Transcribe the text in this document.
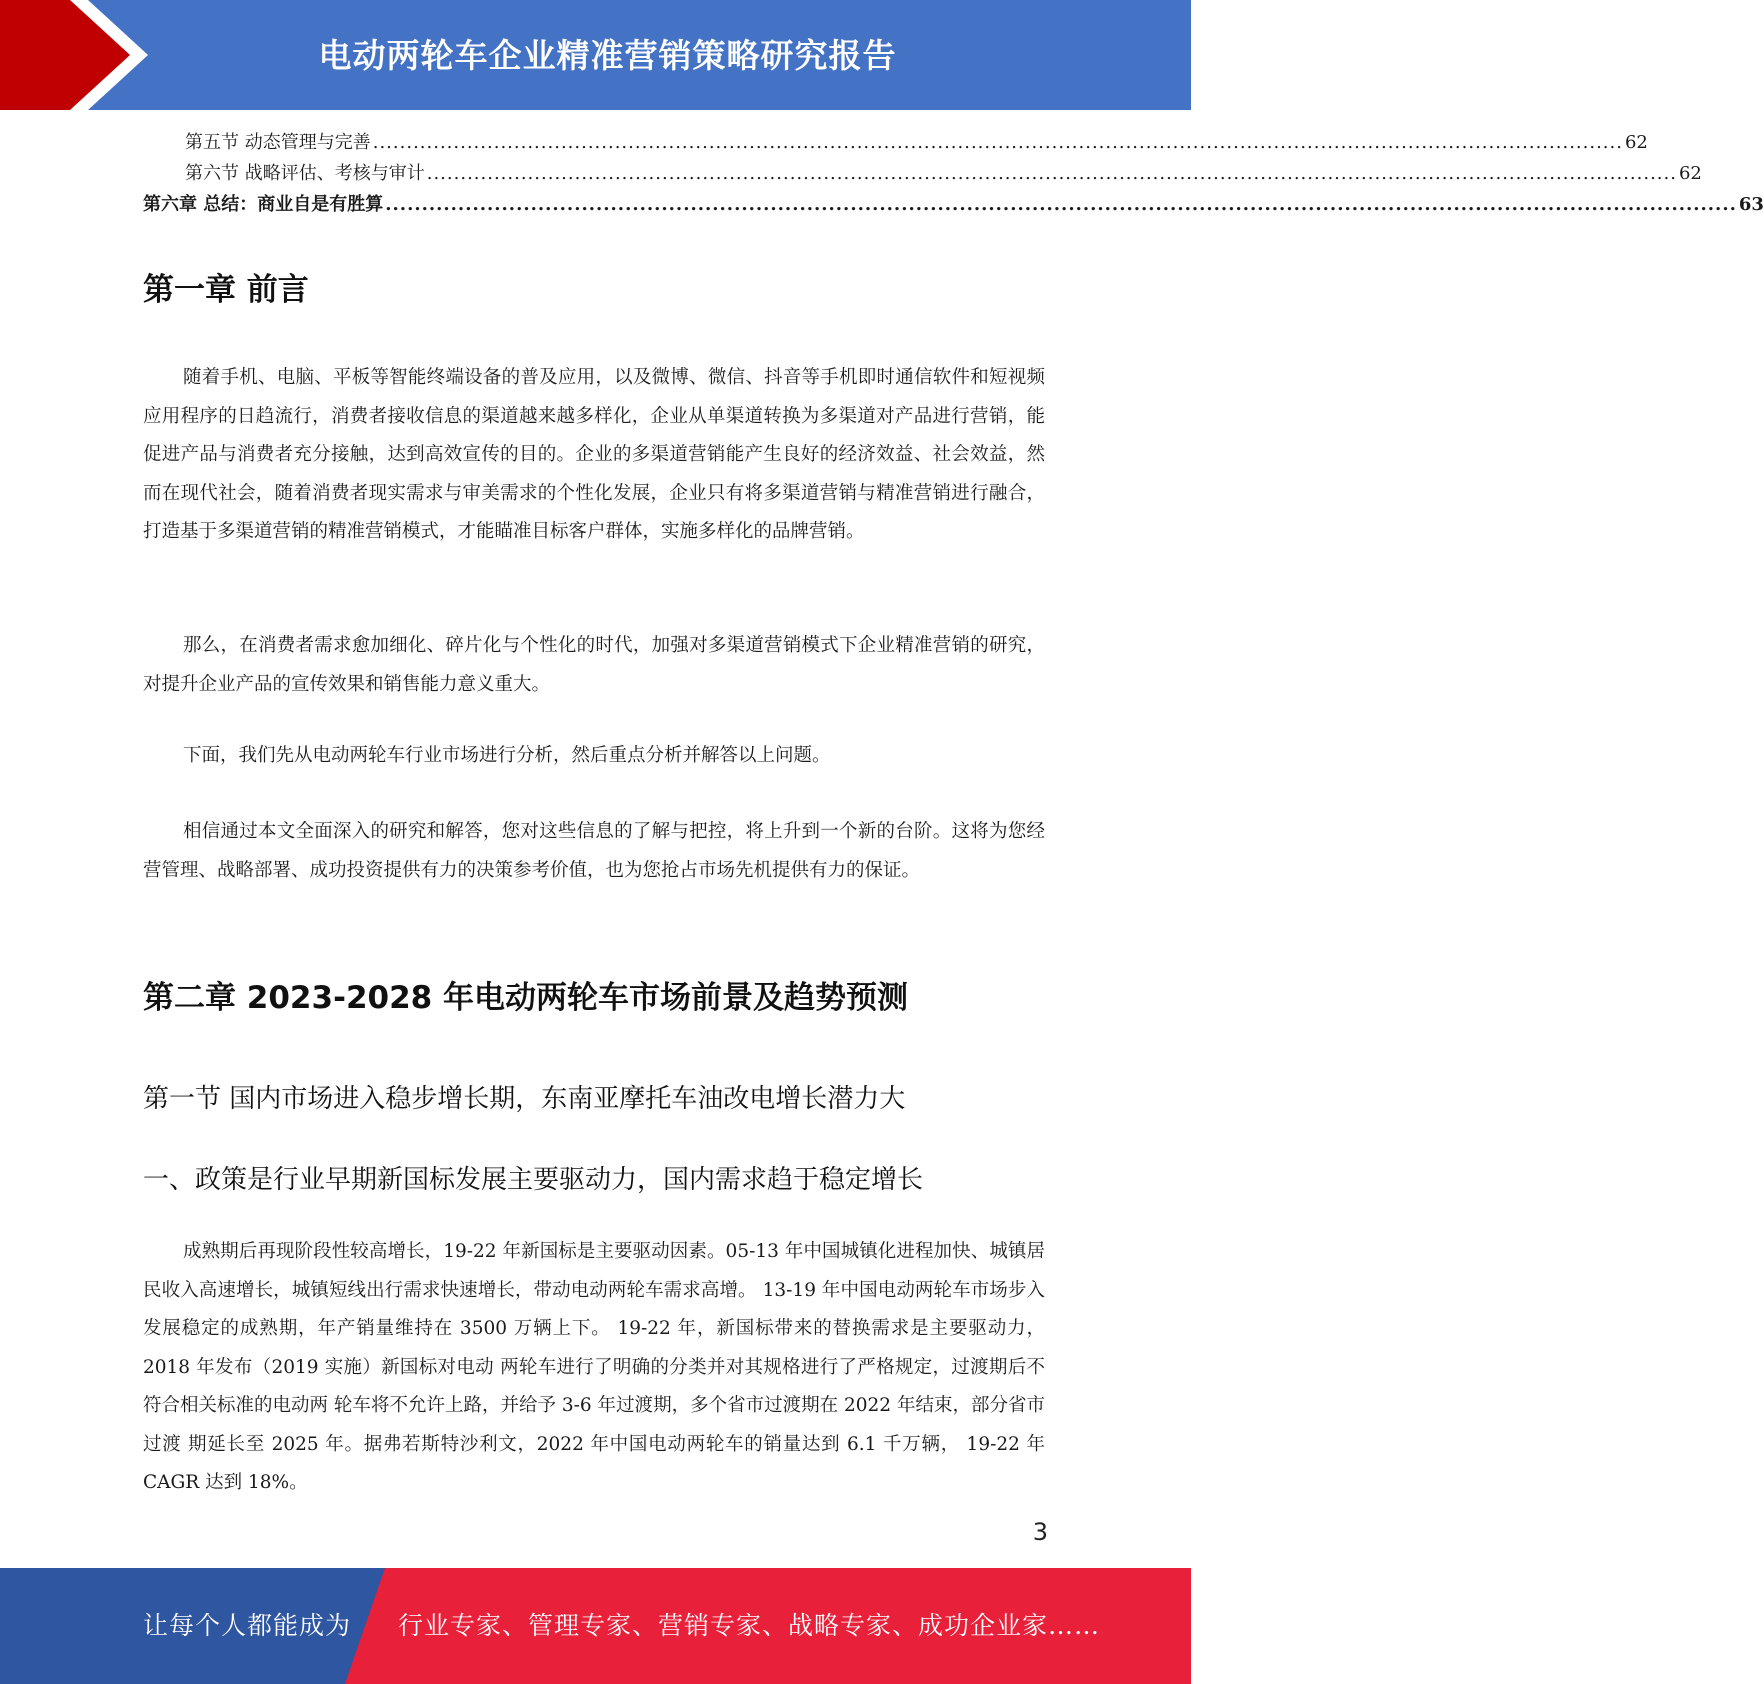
电动两轮车企业精准营销策略研究报告
第五节 动态管理与完善 .......................................................................................................................................................................................... 62
第六节 战略评估、考核与审计 .......................................................................................................................................................................................... 62
第六章 总结：商业自是有胜算 .......................................................................................................................................................................................... 63
第一章 前言

随着手机、电脑、平板等智能终端设备的普及应用，以及微博、微信、抖音等手机即时通信软件和短视频应用程序的日趋流行，消费者接收信息的渠道越来越多样化，企业从单渠道转换为多渠道对产品进行营销，能促进产品与消费者充分接触，达到高效宣传的目的。企业的多渠道营销能产生良好的经济效益、社会效益，然而在现代社会，随着消费者现实需求与审美需求的个性化发展，企业只有将多渠道营销与精准营销进行融合，打造基于多渠道营销的精准营销模式，才能瞄准目标客户群体，实施多样化的品牌营销。

那么，在消费者需求愈加细化、碎片化与个性化的时代，加强对多渠道营销模式下企业精准营销的研究，对提升企业产品的宣传效果和销售能力意义重大。

下面，我们先从电动两轮车行业市场进行分析，然后重点分析并解答以上问题。

相信通过本文全面深入的研究和解答，您对这些信息的了解与把控，将上升到一个新的台阶。这将为您经营管理、战略部署、成功投资提供有力的决策参考价值，也为您抢占市场先机提供有力的保证。

第二章 2023-2028 年电动两轮车市场前景及趋势预测
第一节 国内市场进入稳步增长期，东南亚摩托车油改电增长潜力大
一、政策是行业早期新国标发展主要驱动力，国内需求趋于稳定增长

成熟期后再现阶段性较高增长，19-22 年新国标是主要驱动因素。05-13 年中国城镇化进程加快、城镇居民收入高速增长，城镇短线出行需求快速增长，带动电动两轮车需求高增。 13-19 年中国电动两轮车市场步入发展稳定的成熟期，年产销量维持在 3500 万辆上下。 19-22 年，新国标带来的替换需求是主要驱动力，2018 年发布（2019 实施）新国标对电动 两轮车进行了明确的分类并对其规格进行了严格规定，过渡期后不符合相关标准的电动两 轮车将不允许上路，并给予 3-6 年过渡期，多个省市过渡期在 2022 年结束，部分省市过渡 期延长至 2025 年。据弗若斯特沙利文，2022 年中国电动两轮车的销量达到 6.1 千万辆， 19-22 年 CAGR 达到 18%。

3
让每个人都能成为 行业专家、管理专家、营销专家、战略专家、成功企业家……
